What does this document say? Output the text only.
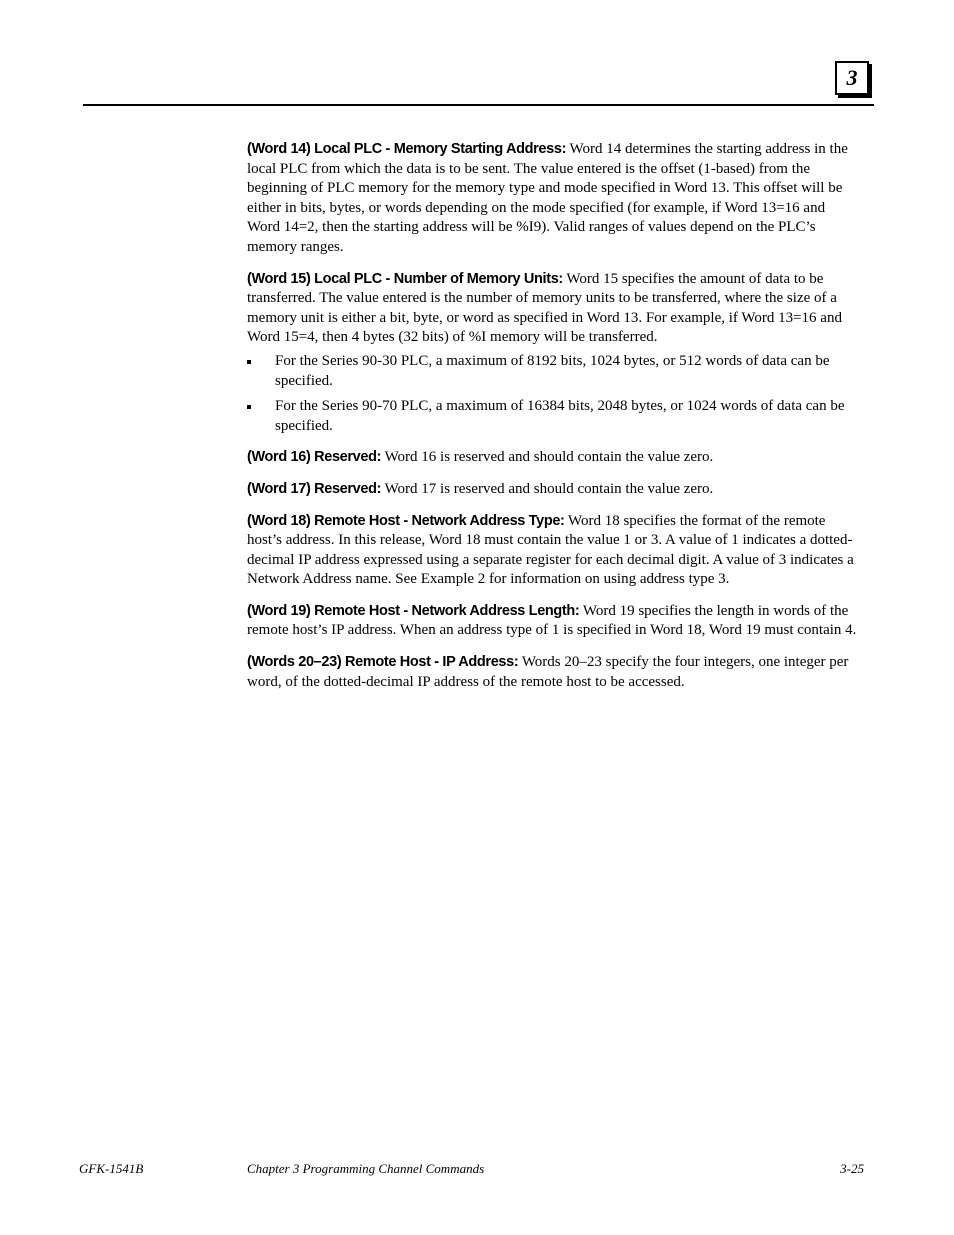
3

(Word 14) Local PLC - Memory Starting Address: Word 14 determines the starting address in the local PLC from which the data is to be sent. The value entered is the offset (1-based) from the beginning of PLC memory for the memory type and mode specified in Word 13. This offset will be either in bits, bytes, or words depending on the mode specified (for example, if Word 13=16 and Word 14=2, then the starting address will be %I9). Valid ranges of values depend on the PLC’s memory ranges.

(Word 15) Local PLC - Number of Memory Units: Word 15 specifies the amount of data to be transferred. The value entered is the number of memory units to be transferred, where the size of a memory unit is either a bit, byte, or word as specified in Word 13. For example, if Word 13=16 and Word 15=4, then 4 bytes (32 bits) of %I memory will be transferred.

For the Series 90-30 PLC, a maximum of 8192 bits, 1024 bytes, or 512 words of data can be specified.
For the Series 90-70 PLC, a maximum of 16384 bits, 2048 bytes, or 1024 words of data can be specified.

(Word 16) Reserved: Word 16 is reserved and should contain the value zero.

(Word 17) Reserved: Word 17 is reserved and should contain the value zero.

(Word 18) Remote Host - Network Address Type: Word 18 specifies the format of the remote host’s address. In this release, Word 18 must contain the value 1 or 3. A value of 1 indicates a dotted-decimal IP address expressed using a separate register for each decimal digit. A value of 3 indicates a Network Address name. See Example 2 for information on using address type 3.

(Word 19) Remote Host - Network Address Length: Word 19 specifies the length in words of the remote host’s IP address. When an address type of 1 is specified in Word 18, Word 19 must contain 4.

(Words 20–23) Remote Host - IP Address: Words 20–23 specify the four integers, one integer per word, of the dotted-decimal IP address of the remote host to be accessed.

GFK-1541B	Chapter 3 Programming Channel Commands	3-25
